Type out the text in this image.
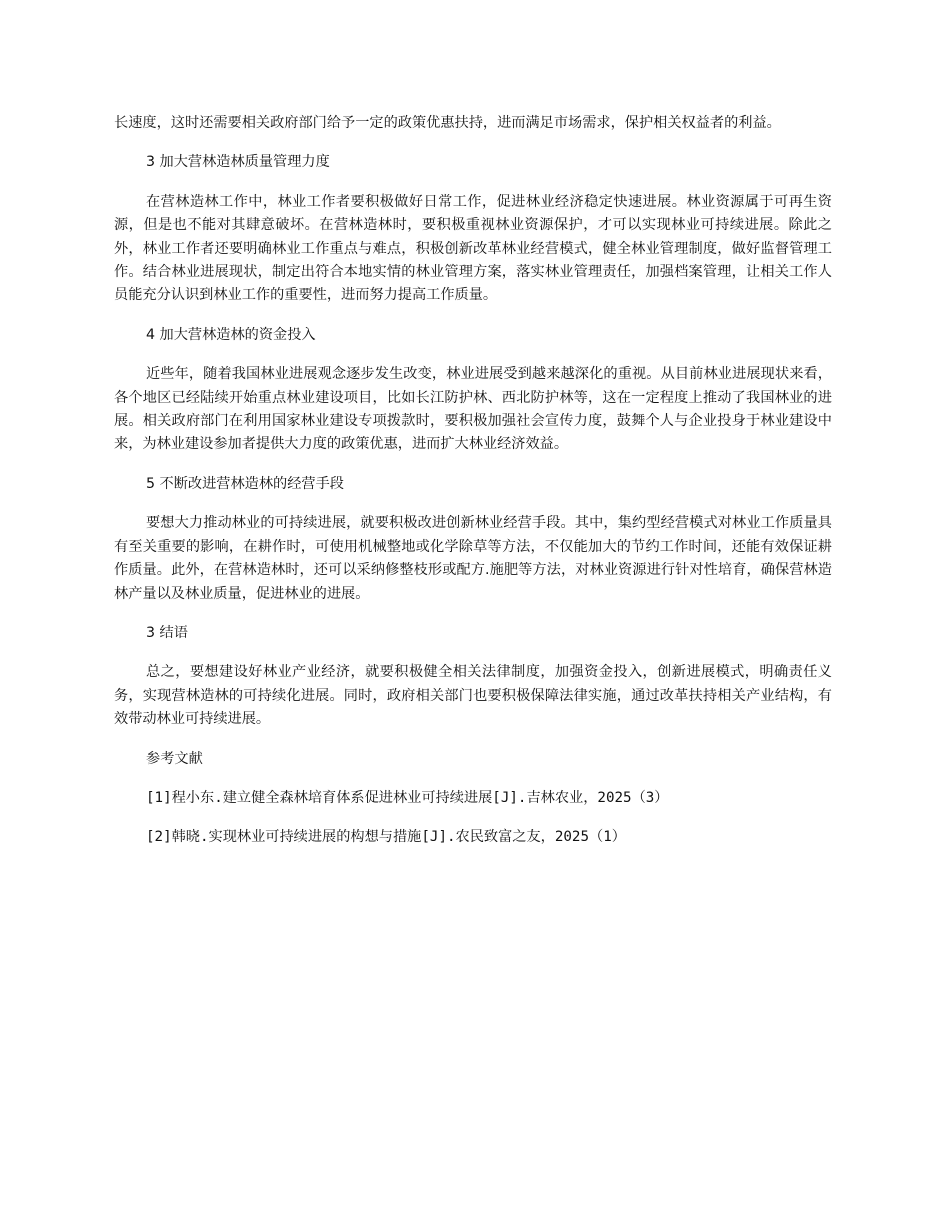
长速度，这时还需要相关政府部门给予一定的政策优惠扶持，进而满足市场需求，保护相关权益者的利益。

3 加大营林造林质量管理力度

在营林造林工作中，林业工作者要积极做好日常工作，促进林业经济稳定快速进展。林业资源属于可再生资源，但是也不能对其肆意破坏。在营林造林时，要积极重视林业资源保护，才可以实现林业可持续进展。除此之外，林业工作者还要明确林业工作重点与难点，积极创新改革林业经营模式，健全林业管理制度，做好监督管理工作。结合林业进展现状，制定出符合本地实情的林业管理方案，落实林业管理责任，加强档案管理，让相关工作人员能充分认识到林业工作的重要性，进而努力提高工作质量。

4 加大营林造林的资金投入

近些年，随着我国林业进展观念逐步发生改变，林业进展受到越来越深化的重视。从目前林业进展现状来看，各个地区已经陆续开始重点林业建设项目，比如长江防护林、西北防护林等，这在一定程度上推动了我国林业的进展。相关政府部门在利用国家林业建设专项拨款时，要积极加强社会宣传力度，鼓舞个人与企业投身于林业建设中来，为林业建设参加者提供大力度的政策优惠，进而扩大林业经济效益。

5 不断改进营林造林的经营手段

要想大力推动林业的可持续进展，就要积极改进创新林业经营手段。其中，集约型经营模式对林业工作质量具有至关重要的影响，在耕作时，可使用机械整地或化学除草等方法，不仅能加大的节约工作时间，还能有效保证耕作质量。此外，在营林造林时，还可以采纳修整枝形或配方.施肥等方法，对林业资源进行针对性培育，确保营林造林产量以及林业质量，促进林业的进展。

3 结语

总之，要想建设好林业产业经济，就要积极健全相关法律制度，加强资金投入，创新进展模式，明确责任义务，实现营林造林的可持续化进展。同时，政府相关部门也要积极保障法律实施，通过改革扶持相关产业结构，有效带动林业可持续进展。

参考文献

[1]程小东.建立健全森林培育体系促进林业可持续进展[J].吉林农业，2025（3）

[2]韩晓.实现林业可持续进展的构想与措施[J].农民致富之友，2025（1）
